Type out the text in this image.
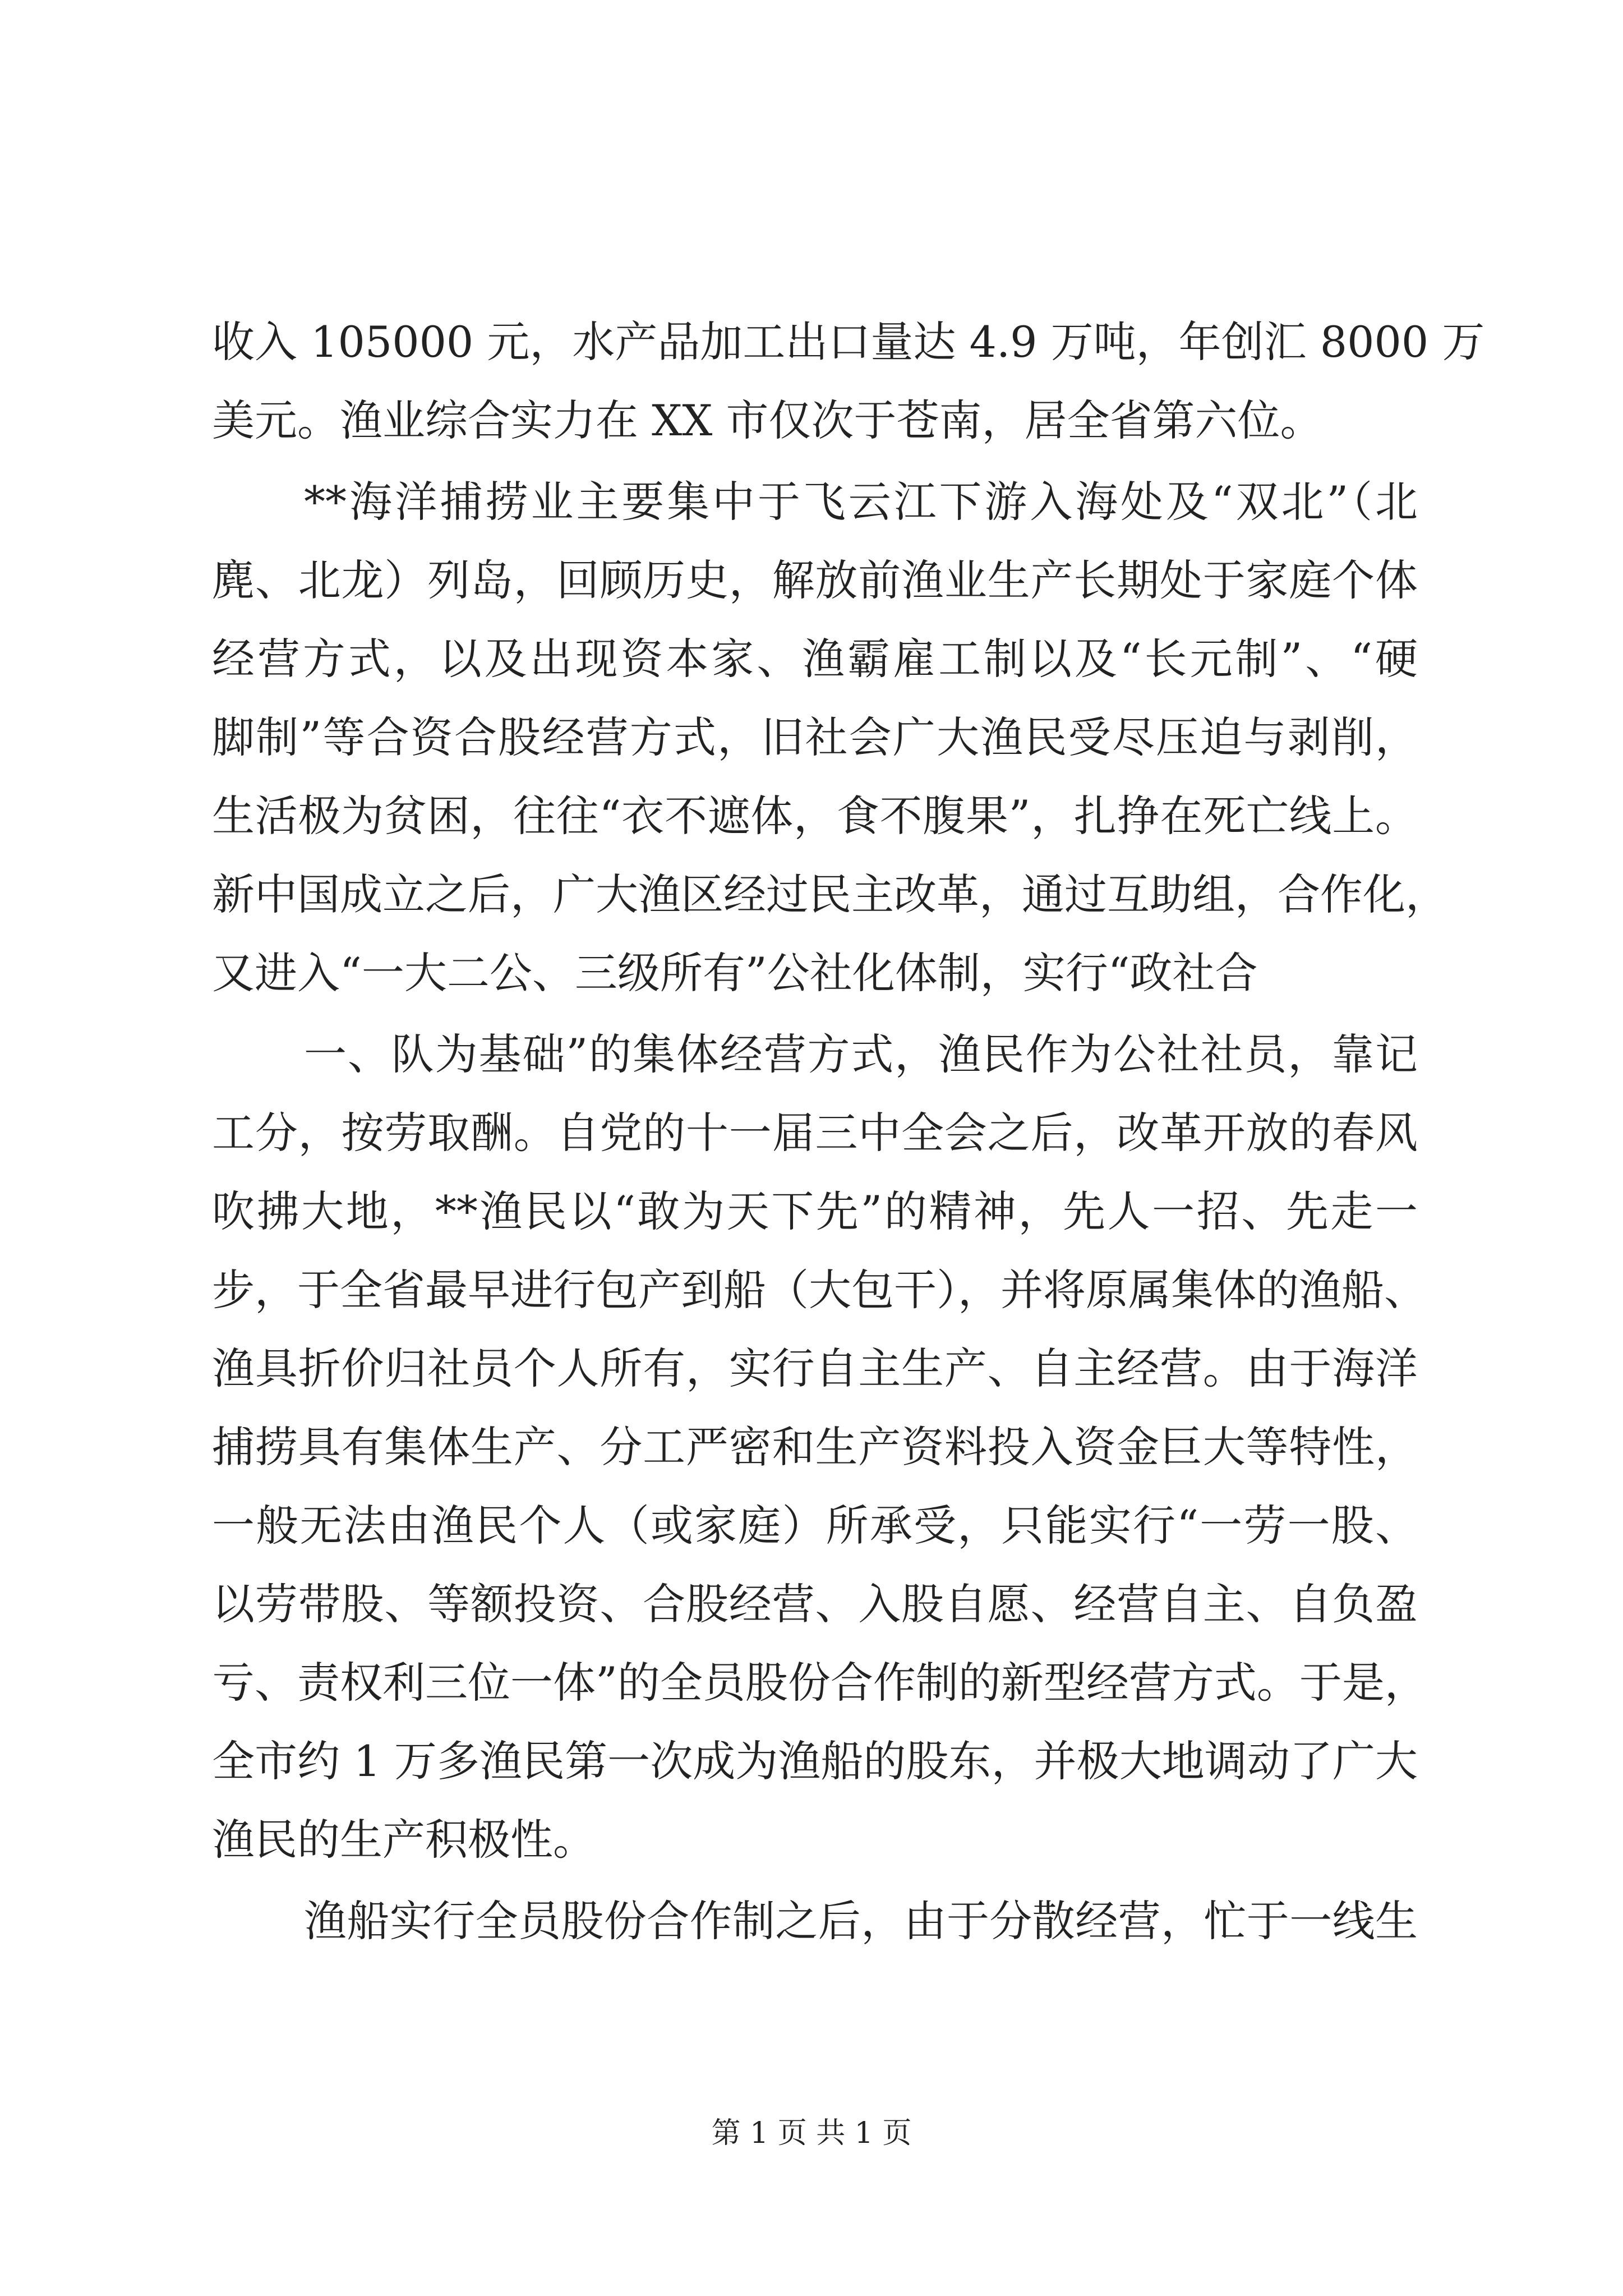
收入 105000 元，水产品加工出口量达 4.9 万吨，年创汇 8000 万
美元。渔业综合实力在 XX 市仅次于苍南，居全省第六位。
**海洋捕捞业主要集中于飞云江下游入海处及“双北”（北
麂、北龙）列岛，回顾历史，解放前渔业生产长期处于家庭个体
经营方式，以及出现资本家、渔霸雇工制以及“长元制”、“硬
脚制”等合资合股经营方式，旧社会广大渔民受尽压迫与剥削，
生活极为贫困，往往“衣不遮体，食不腹果”，扎挣在死亡线上。
新中国成立之后，广大渔区经过民主改革，通过互助组，合作化，
又进入“一大二公、三级所有”公社化体制，实行“政社合
一、队为基础”的集体经营方式，渔民作为公社社员，靠记
工分，按劳取酬。自党的十一届三中全会之后，改革开放的春风
吹拂大地，**渔民以“敢为天下先”的精神，先人一招、先走一
步，于全省最早进行包产到船（大包干），并将原属集体的渔船、
渔具折价归社员个人所有，实行自主生产、自主经营。由于海洋
捕捞具有集体生产、分工严密和生产资料投入资金巨大等特性，
一般无法由渔民个人（或家庭）所承受，只能实行“一劳一股、
以劳带股、等额投资、合股经营、入股自愿、经营自主、自负盈
亏、责权利三位一体”的全员股份合作制的新型经营方式。于是，
全市约 1 万多渔民第一次成为渔船的股东，并极大地调动了广大
渔民的生产积极性。
渔船实行全员股份合作制之后，由于分散经营，忙于一线生
第 1 页 共 1 页
